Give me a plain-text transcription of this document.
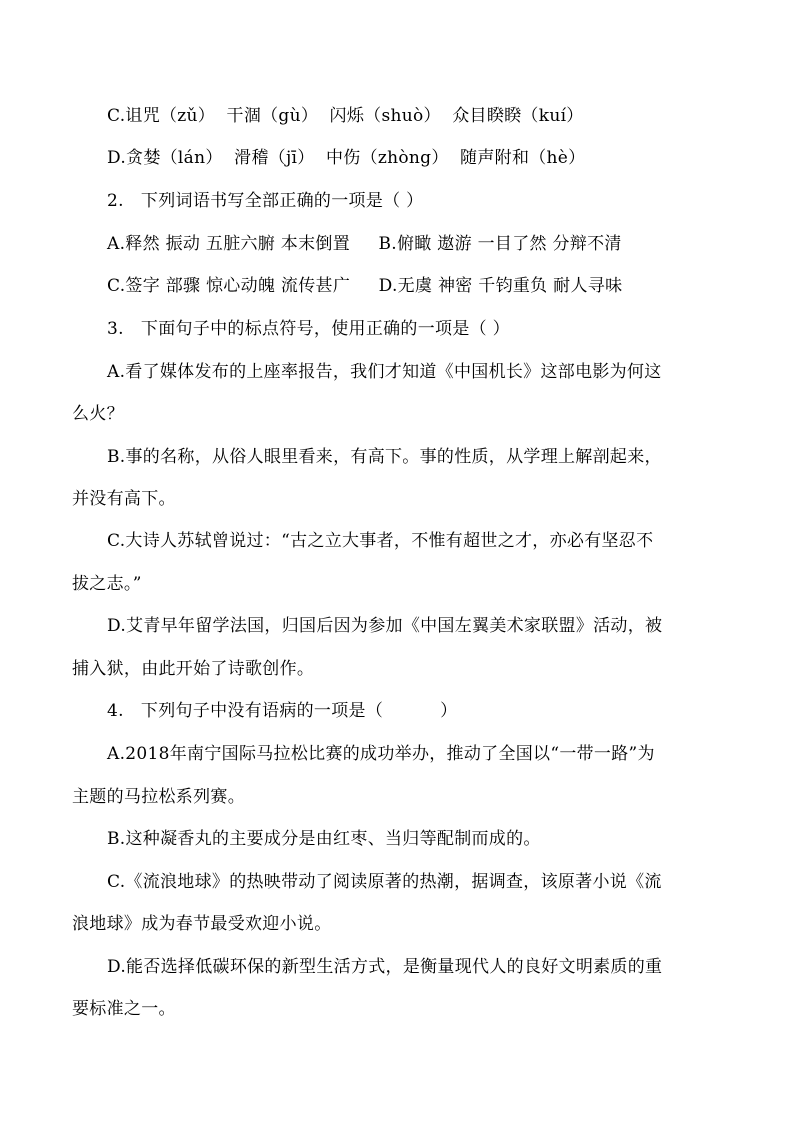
C.诅咒（zǔ）  干涸（gù）  闪烁（shuò）  众目睽睽（kuí）
D.贪婪（lán）  滑稽（jī）  中伤（zhòng）  随声附和（hè）
2.   下列词语书写全部正确的一项是（ ）
A.释然 振动 五脏六腑 本末倒置     B.俯瞰 遨游 一目了然 分辩不清
C.签字 部骤 惊心动魄 流传甚广     D.无虞 神密 千钧重负 耐人寻味
3.   下面句子中的标点符号，使用正确的一项是（ ）
A.看了媒体发布的上座率报告，我们才知道《中国机长》这部电影为何这
么火？
B.事的名称，从俗人眼里看来，有高下。事的性质，从学理上解剖起来，
并没有高下。
C.大诗人苏轼曾说过：“古之立大事者，不惟有超世之才，亦必有坚忍不
拔之志。”
D.艾青早年留学法国，归国后因为参加《中国左翼美术家联盟》活动，被
捕入狱，由此开始了诗歌创作。
4.   下列句子中没有语病的一项是（          ）
A.2018年南宁国际马拉松比赛的成功举办，推动了全国以“一带一路”为
主题的马拉松系列赛。
B.这种凝香丸的主要成分是由红枣、当归等配制而成的。
C.《流浪地球》的热映带动了阅读原著的热潮，据调查，该原著小说《流
浪地球》成为春节最受欢迎小说。
D.能否选择低碳环保的新型生活方式，是衡量现代人的良好文明素质的重
要标准之一。
